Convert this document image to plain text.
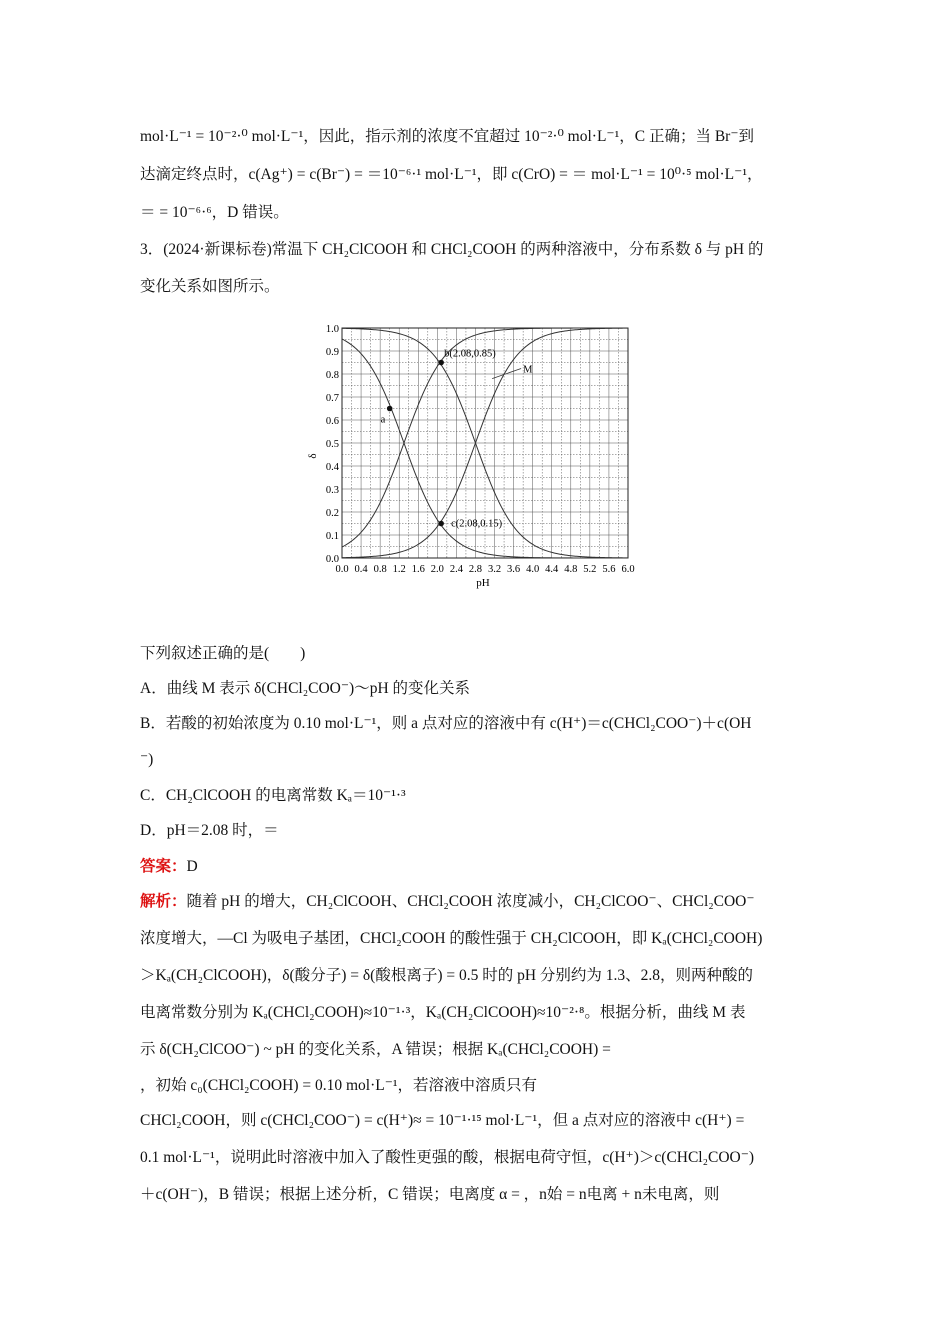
mol·L⁻¹ = 10⁻²·⁰ mol·L⁻¹，因此，指示剂的浓度不宜超过 10⁻²·⁰ mol·L⁻¹，C 正确；当 Br⁻到
达滴定终点时，c(Ag⁺) = c(Br⁻) = ＝10⁻⁶·¹ mol·L⁻¹，即 c(CrO) = ＝ mol·L⁻¹ = 10⁰·⁵ mol·L⁻¹，
＝ = 10⁻⁶·⁶，D 错误。
3．(2024·新课标卷)常温下 CH₂ClCOOH 和 CHCl₂COOH 的两种溶液中，分布系数 δ 与 pH 的
变化关系如图所示。
0.0 0.4 0.8 1.2 1.6 2.0 2.4 2.8 3.2 3.6 4.0 4.4 4.8 5.2 5.6 6.0
0.0
0.1
0.2
0.3
0.4
0.5
0.6
0.7
0.8
0.9
1.0
a
b(2.08,0.85)
c(2.08,0.15)
M
pH
δ
下列叙述正确的是(　　)
A．曲线 M 表示 δ(CHCl₂COO⁻)～pH 的变化关系
B．若酸的初始浓度为 0.10 mol·L⁻¹，则 a 点对应的溶液中有 c(H⁺)＝c(CHCl₂COO⁻)＋c(OH
⁻)
C．CH₂ClCOOH 的电离常数 Kₐ＝10⁻¹·³
D．pH＝2.08 时，＝
答案：D
解析：随着 pH 的增大，CH₂ClCOOH、CHCl₂COOH 浓度减小，CH₂ClCOO⁻、CHCl₂COO⁻
浓度增大，—Cl 为吸电子基团，CHCl₂COOH 的酸性强于 CH₂ClCOOH，即 Kₐ(CHCl₂COOH)
＞Kₐ(CH₂ClCOOH)，δ(酸分子) = δ(酸根离子) = 0.5 时的 pH 分别约为 1.3、2.8，则两种酸的
电离常数分别为 Kₐ(CHCl₂COOH)≈10⁻¹·³，Kₐ(CH₂ClCOOH)≈10⁻²·⁸。根据分析，曲线 M 表
示 δ(CH₂ClCOO⁻) ~ pH 的变化关系，A 错误；根据 Kₐ(CHCl₂COOH) =
，初始 c₀(CHCl₂COOH) = 0.10 mol·L⁻¹，若溶液中溶质只有
CHCl₂COOH，则 c(CHCl₂COO⁻) = c(H⁺)≈ = 10⁻¹·¹⁵ mol·L⁻¹，但 a 点对应的溶液中 c(H⁺) =
0.1 mol·L⁻¹，说明此时溶液中加入了酸性更强的酸，根据电荷守恒，c(H⁺)＞c(CHCl₂COO⁻)
＋c(OH⁻)，B 错误；根据上述分析，C 错误；电离度 α = ，n始 = n电离 + n未电离，则
